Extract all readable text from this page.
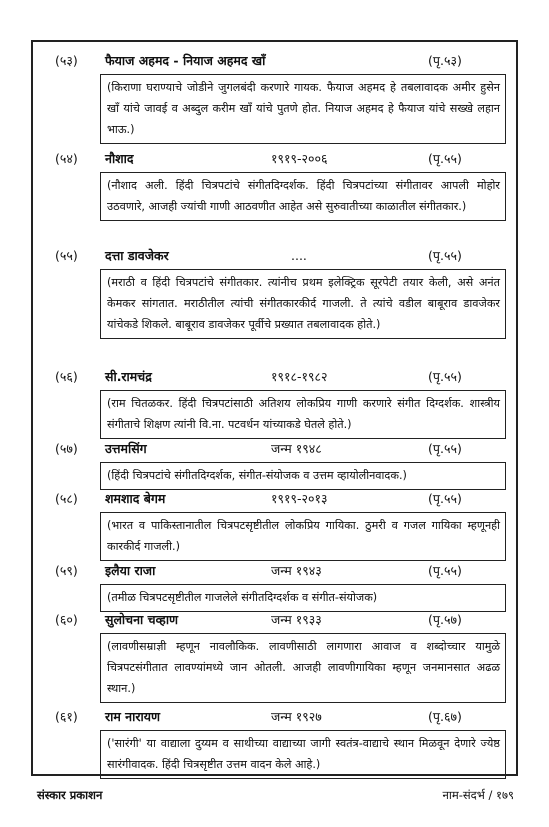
(५३) फैयाज अहमद - नियाज अहमद खाँ	(पृ.५३)
(किराणा घराण्याचे जोडीने जुगलबंदी करणारे गायक. फैयाज अहमद हे तबलावादक अमीर हुसेन खाँ यांचे जावई व अब्दुल करीम खाँ यांचे पुतणे होत. नियाज अहमद हे फैयाज यांचे सख्खे लहान भाऊ.)
(५४) नौशाद	१९१९-२००६	(पृ.५५)
(नौशाद अली. हिंदी चित्रपटांचे संगीतदिग्दर्शक. हिंदी चित्रपटांच्या संगीतावर आपली मोहोर उठवणारे, आजही ज्यांची गाणी आठवणीत आहेत असे सुरुवातीच्या काळातील संगीतकार.)
(५५) दत्ता डावजेकर	....	(पृ.५५)
(मराठी व हिंदी चित्रपटांचे संगीतकार. त्यांनीच प्रथम इलेक्ट्रिक सूरपेटी तयार केली, असे अनंत केमकर सांगतात. मराठीतील त्यांची संगीतकारकीर्द गाजली. ते त्यांचे वडील बाबूराव डावजेकर यांचेकडे शिकले. बाबूराव डावजेकर पूर्वीचे प्रख्यात तबलावादक होते.)
(५६) सी.रामचंद्र	१९१८-१९८२	(पृ.५५)
(राम चितळकर. हिंदी चित्रपटांसाठी अतिशय लोकप्रिय गाणी करणारे संगीत दिग्दर्शक. शास्त्रीय संगीताचे शिक्षण त्यांनी वि.ना. पटवर्धन यांच्याकडे घेतले होते.)
(५७) उत्तमसिंग	जन्म १९४८	(पृ.५५)
(हिंदी चित्रपटांचे संगीतदिग्दर्शक, संगीत-संयोजक व उत्तम व्हायोलीनवादक.)
(५८) शमशाद बेगम	१९१९-२०१३	(पृ.५५)
(भारत व पाकिस्तानातील चित्रपटसृष्टीतील लोकप्रिय गायिका. ठुमरी व गजल गायिका म्हणूनही कारकीर्द गाजली.)
(५९) इलैया राजा	जन्म १९४३	(पृ.५५)
(तमीळ चित्रपटसृष्टीतील गाजलेले संगीतदिग्दर्शक व संगीत-संयोजक)
(६०) सुलोचना चव्हाण	जन्म १९३३	(पृ.५७)
(लावणीसम्राज्ञी म्हणून नावलौकिक. लावणीसाठी लागणारा आवाज व शब्दोच्चार यामुळे चित्रपटसंगीतात लावण्यांमध्ये जान ओतली. आजही लावणीगायिका म्हणून जनमानसात अढळ स्थान.)
(६१) राम नारायण	जन्म १९२७	(पृ.६७)
('सारंगी' या वाद्याला दुय्यम व साथीच्या वाद्याच्या जागी स्वतंत्र-वाद्याचे स्थान मिळवून देणारे ज्येष्ठ सारंगीवादक. हिंदी चित्रसृष्टीत उत्तम वादन केले आहे.)
संस्कार प्रकाशन	नाम-संदर्भ / १७९
